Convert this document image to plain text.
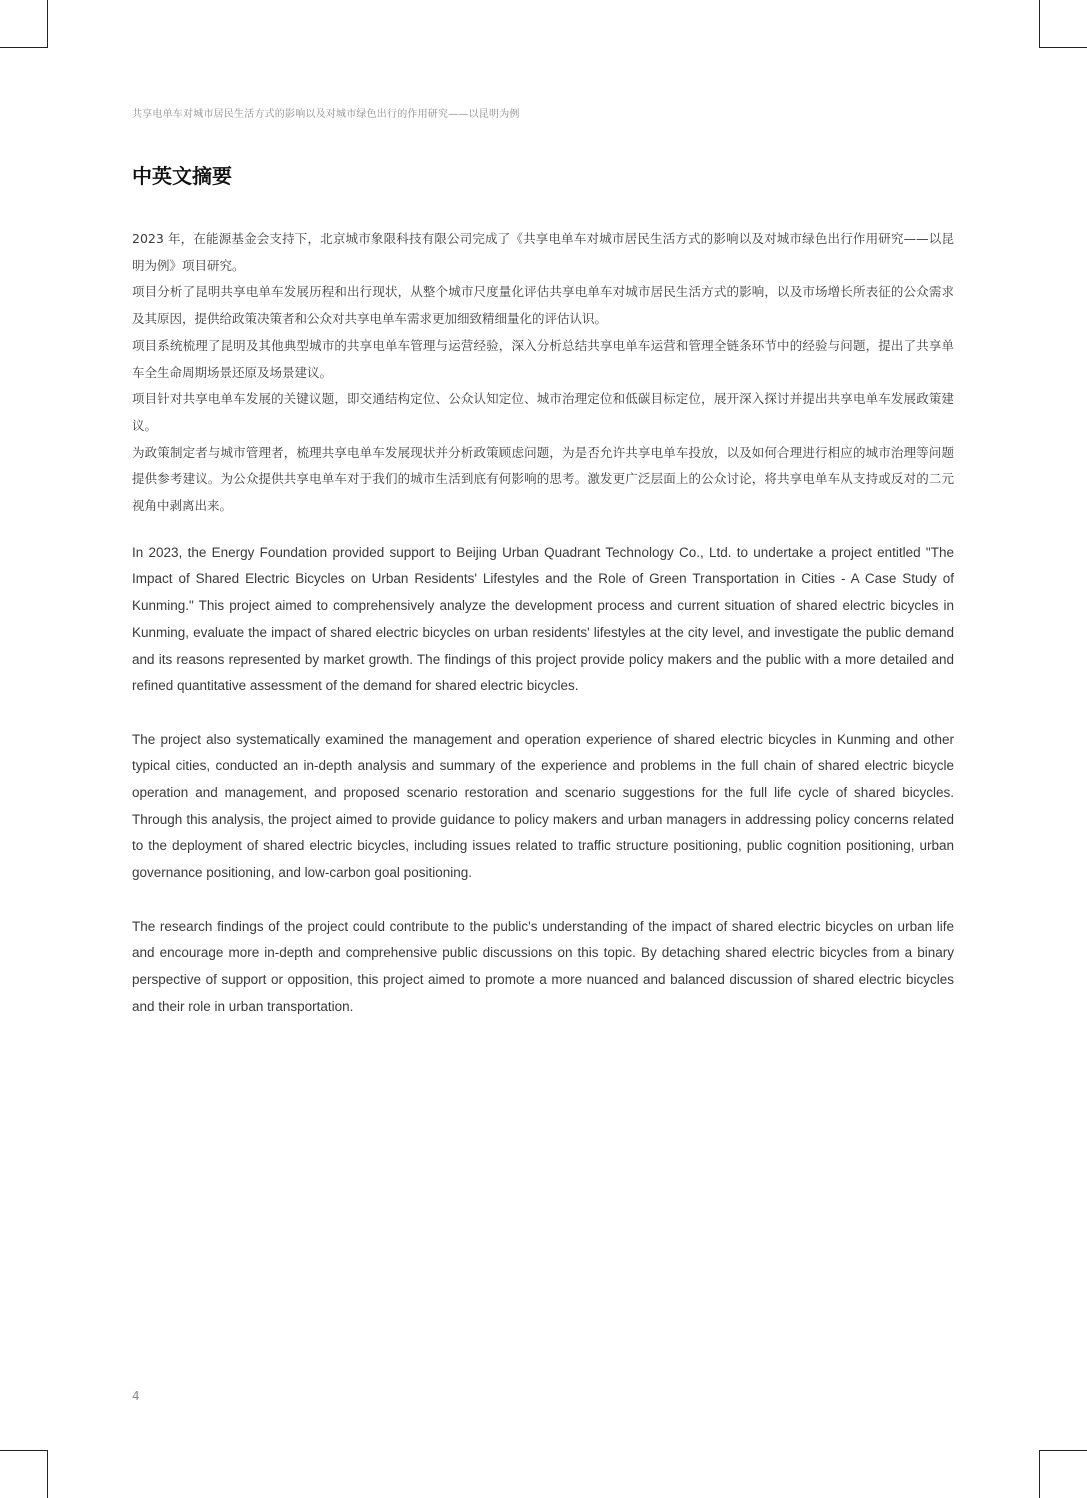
共享电单车对城市居民生活方式的影响以及对城市绿色出行的作用研究——以昆明为例
中英文摘要

2023 年，在能源基金会支持下，北京城市象限科技有限公司完成了《共享电单车对城市居民生活方式的影响以及对城市绿色出行作用研究——以昆明为例》项目研究。

项目分析了昆明共享电单车发展历程和出行现状，从整个城市尺度量化评估共享电单车对城市居民生活方式的影响，以及市场增长所表征的公众需求及其原因，提供给政策决策者和公众对共享电单车需求更加细致精细量化的评估认识。

项目系统梳理了昆明及其他典型城市的共享电单车管理与运营经验，深入分析总结共享电单车运营和管理全链条环节中的经验与问题，提出了共享单车全生命周期场景还原及场景建议。

项目针对共享电单车发展的关键议题，即交通结构定位、公众认知定位、城市治理定位和低碳目标定位，展开深入探讨并提出共享电单车发展政策建议。

为政策制定者与城市管理者，梳理共享电单车发展现状并分析政策顾虑问题，为是否允许共享电单车投放，以及如何合理进行相应的城市治理等问题提供参考建议。为公众提供共享电单车对于我们的城市生活到底有何影响的思考。激发更广泛层面上的公众讨论，将共享电单车从支持或反对的二元视角中剥离出来。

In 2023, the Energy Foundation provided support to Beijing Urban Quadrant Technology Co., Ltd. to undertake a project entitled "The Impact of Shared Electric Bicycles on Urban Residents' Lifestyles and the Role of Green Transportation in Cities - A Case Study of Kunming." This project aimed to comprehensively analyze the development process and current situation of shared electric bicycles in Kunming, evaluate the impact of shared electric bicycles on urban residents' lifestyles at the city level, and investigate the public demand and its reasons represented by market growth. The findings of this project provide policy makers and the public with a more detailed and refined quantitative assessment of the demand for shared electric bicycles.

The project also systematically examined the management and operation experience of shared electric bicycles in Kunming and other typical cities, conducted an in-depth analysis and summary of the experience and problems in the full chain of shared electric bicycle operation and management, and proposed scenario restoration and scenario suggestions for the full life cycle of shared bicycles. Through this analysis, the project aimed to provide guidance to policy makers and urban managers in addressing policy concerns related to the deployment of shared electric bicycles, including issues related to traffic structure positioning, public cognition positioning, urban governance positioning, and low-carbon goal positioning.

The research findings of the project could contribute to the public's understanding of the impact of shared electric bicycles on urban life and encourage more in-depth and comprehensive public discussions on this topic. By detaching shared electric bicycles from a binary perspective of support or opposition, this project aimed to promote a more nuanced and balanced discussion of shared electric bicycles and their role in urban transportation.

4
